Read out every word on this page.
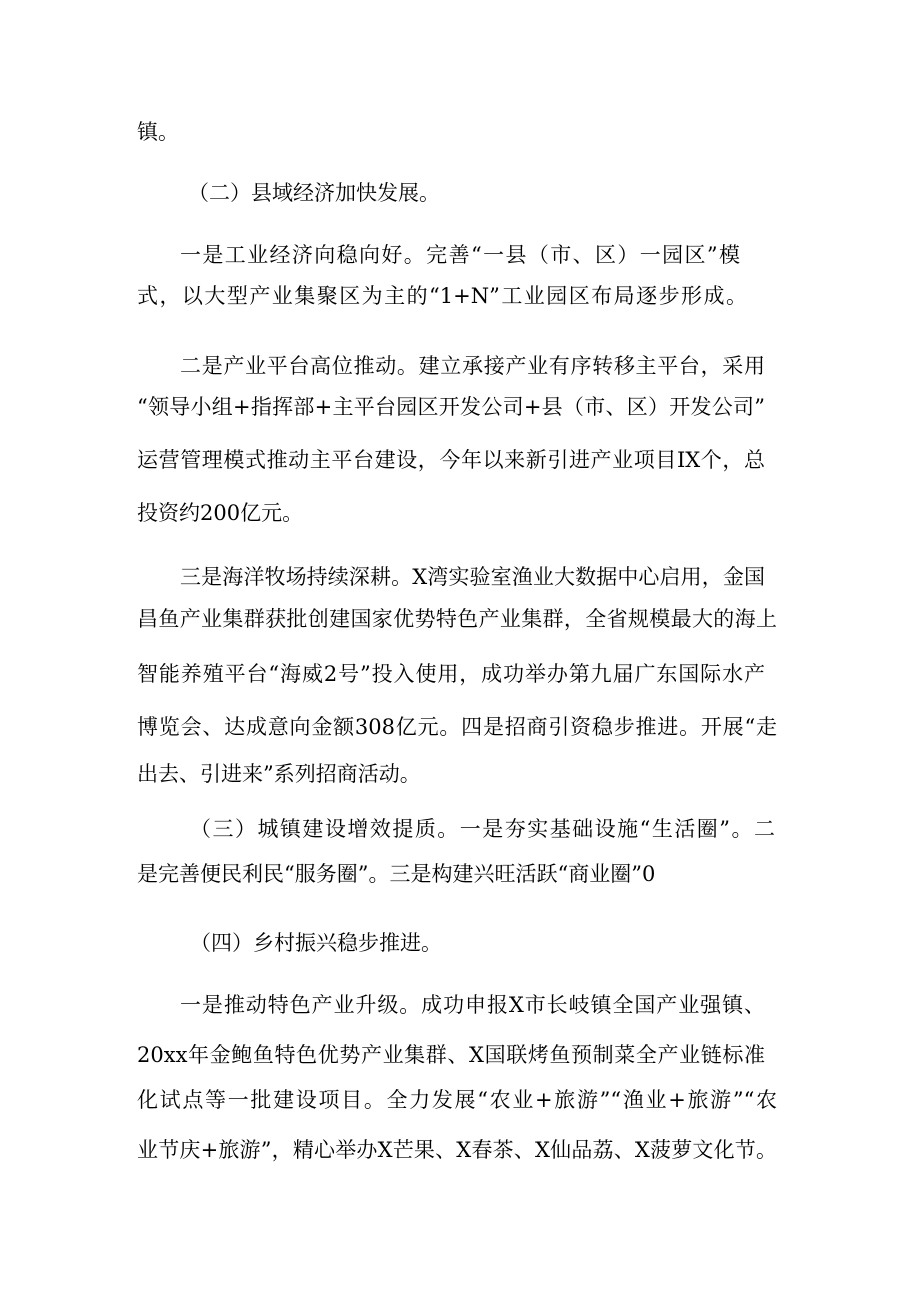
镇。

（二）县域经济加快发展。

一是工业经济向稳向好。完善“一县（市、区）一园区”模

式，以大型产业集聚区为主的“1+N”工业园区布局逐步形成。

二是产业平台高位推动。建立承接产业有序转移主平台，采用

“领导小组+指挥部+主平台园区开发公司+县（市、区）开发公司”

运营管理模式推动主平台建设，今年以来新引进产业项目IX个，总

投资约200亿元。

三是海洋牧场持续深耕。X湾实验室渔业大数据中心启用，金国

昌鱼产业集群获批创建国家优势特色产业集群，全省规模最大的海上

智能养殖平台“海威2号”投入使用，成功举办第九届广东国际水产

博览会、达成意向金额308亿元。四是招商引资稳步推进。开展“走

出去、引进来”系列招商活动。

（三）城镇建设增效提质。一是夯实基础设施“生活圈”。二

是完善便民利民“服务圈”。三是构建兴旺活跃“商业圈”0

（四）乡村振兴稳步推进。

一是推动特色产业升级。成功申报X市长岐镇全国产业强镇、

20xx年金鲍鱼特色优势产业集群、X国联烤鱼预制菜全产业链标准

化试点等一批建设项目。全力发展“农业+旅游”“渔业+旅游”“农

业节庆+旅游”，精心举办X芒果、X春茶、X仙品荔、X菠萝文化节。
